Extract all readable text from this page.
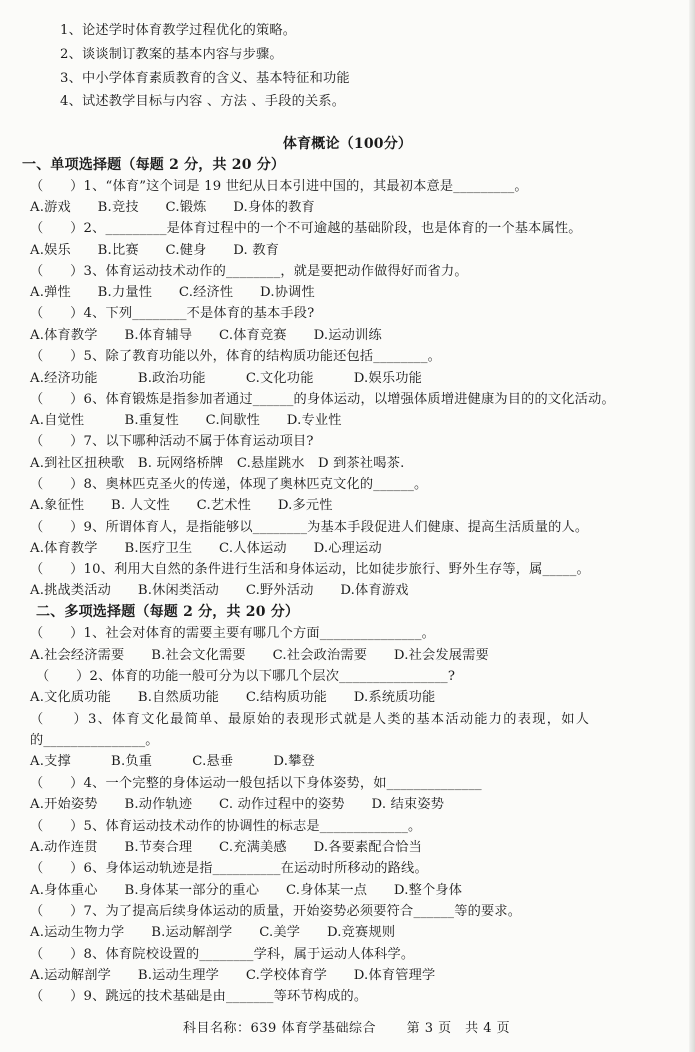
1、论述学时体育教学过程优化的策略。
2、谈谈制订教案的基本内容与步骤。
3、中小学体育素质教育的含义、基本特征和功能
4、试述教学目标与内容 、方法 、手段的关系。
体育概论（100分）
一、单项选择题（每题 2 分，共 20 分）
（　　）1、“体育”这个词是 19 世纪从日本引进中国的，其最初本意是_________。
A.游戏　　B.竞技　　C.锻炼　　D.身体的教育
（　　）2、_________是体育过程中的一个不可逾越的基础阶段，也是体育的一个基本属性。
A.娱乐　　B.比赛　　C.健身　　D. 教育
（　　）3、体育运动技术动作的________，就是要把动作做得好而省力。
A.弹性　　B.力量性　　C.经济性　　D.协调性
（　　）4、下列________不是体育的基本手段?
A.体育教学　　B.体育辅导　　C.体育竞赛　　D.运动训练
（　　）5、除了教育功能以外，体育的结构质功能还包括________。
A.经济功能　　　B.政治功能　　　C.文化功能　　　D.娱乐功能
（　　）6、体育锻炼是指参加者通过______的身体运动，以增强体质增进健康为目的的文化活动。
A.自觉性　　　B.重复性　　C.间歇性　　D.专业性
（　　）7、以下哪种活动不属于体育运动项目?
A.到社区扭秧歌　B. 玩网络桥牌　C.悬崖跳水　D 到茶社喝茶.
（　　）8、奥林匹克圣火的传递，体现了奥林匹克文化的______。
A.象征性　　B. 人文性　　C.艺术性　　D.多元性
（　　）9、所谓体育人，是指能够以________为基本手段促进人们健康、提高生活质量的人。
A.体育教学　　B.医疗卫生　　C.人体运动　　D.心理运动
（　　）10、利用大自然的条件进行生活和身体运动，比如徒步旅行、野外生存等，属_____。
A.挑战类活动　　B.休闲类活动　　C.野外活动　　D.体育游戏
二、多项选择题（每题 2 分，共 20 分）
（　　）1、社会对体育的需要主要有哪几个方面_______________。
A.社会经济需要　　B.社会文化需要　　C.社会政治需要　　D.社会发展需要
（　　）2、体育的功能一般可分为以下哪几个层次________________?
A.文化质功能　　B.自然质功能　　C.结构质功能　　D.系统质功能
（　　）3、体育文化最简单、最原始的表现形式就是人类的基本活动能力的表现，如人
的_______________。
A.支撑　　　B.负重　　　C.悬垂　　　D.攀登
（　　）4、一个完整的身体运动一般包括以下身体姿势，如______________
A.开始姿势　　B.动作轨迹　　C. 动作过程中的姿势　　D. 结束姿势
（　　）5、体育运动技术动作的协调性的标志是_____________。
A.动作连贯　　B.节奏合理　　C.充满美感　　D.各要素配合恰当
（　　）6、身体运动轨迹是指__________在运动时所移动的路线。
A.身体重心　　B.身体某一部分的重心　　C.身体某一点　　D.整个身体
（　　）7、为了提高后续身体运动的质量，开始姿势必须要符合______等的要求。
A.运动生物力学　　B.运动解剖学　　C.美学　　D.竞赛规则
（　　）8、体育院校设置的________学科，属于运动人体科学。
A.运动解剖学　　B.运动生理学　　C.学校体育学　　D.体育管理学
（　　）9、跳远的技术基础是由_______等环节构成的。
科目名称：639 体育学基础综合 第 3 页　共 4 页
